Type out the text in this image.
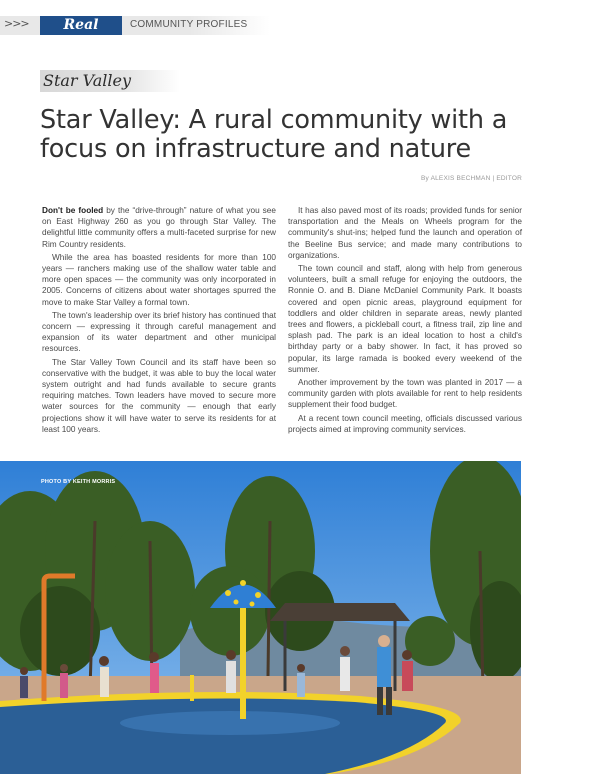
>>>	Real Estate
COMMUNITY PROFILES
Star Valley
Star Valley: A rural community with a focus on infrastructure and nature
By ALEXIS BECHMAN | EDITOR

Don't be fooled by the “drive-through” nature of what you see on East Highway 260 as you go through Star Valley. The delightful little community offers a multi-faceted surprise for new Rim Country residents.

While the area has boasted residents for more than 100 years — ranchers making use of the shallow water table and more open spaces — the community was only incorporated in 2005. Concerns of citizens about water shortages spurred the move to make Star Valley a formal town.

The town's leadership over its brief history has continued that concern — expressing it through careful management and expansion of its water department and other municipal resources.

The Star Valley Town Council and its staff have been so conservative with the budget, it was able to buy the local water system outright and had funds available to secure grants requiring matches. Town leaders have moved to secure more water sources for the community — enough that early projections show it will have water to serve its residents for at least 100 years.

It has also paved most of its roads; provided funds for senior transportation and the Meals on Wheels program for the community's shut-ins; helped fund the launch and operation of the Beeline Bus service; and made many contributions to organizations.

The town council and staff, along with help from generous volunteers, built a small refuge for enjoying the outdoors, the Ronnie O. and B. Diane McDaniel Community Park. It boasts covered and open picnic areas, playground equipment for toddlers and older children in separate areas, newly planted trees and flowers, a pickleball court, a fitness trail, zip line and splash pad. The park is an ideal location to host a child's birthday party or a baby shower. In fact, it has proved so popular, its large ramada is booked every weekend of the summer.

Another improvement by the town was planted in 2017 — a community garden with plots available for rent to help residents supplement their food budget.

At a recent town council meeting, officials discussed various projects aimed at improving community services.

PHOTO BY KEITH MORRIS
